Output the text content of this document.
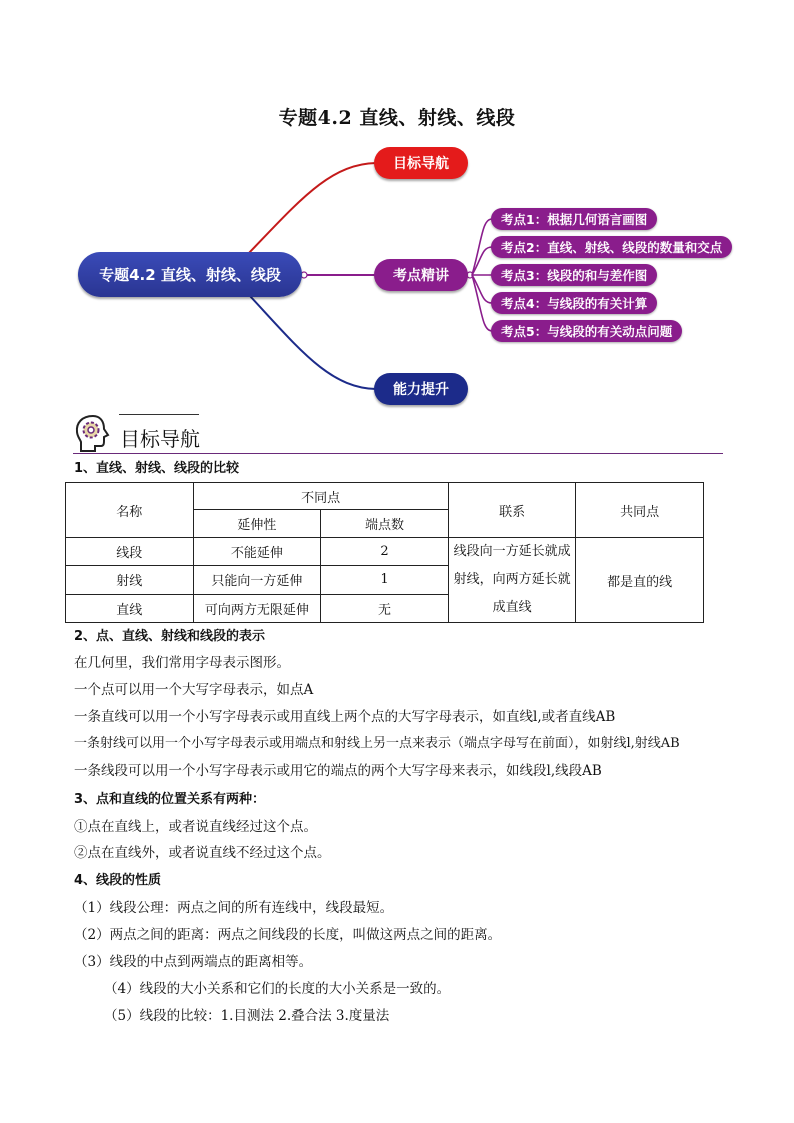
专题4.2 直线、射线、线段
专题4.2 直线、射线、线段
目标导航
考点精讲
能力提升
考点1：根据几何语言画图
考点2：直线、射线、线段的数量和交点
考点3：线段的和与差作图
考点4：与线段的有关计算
考点5：与线段的有关动点问题
目标导航
1、直线、射线、线段的比较
名称	不同点		联系	共同点
	延伸性	端点数		
线段	不能延伸	2	线段向一方延长就成射线，向两方延长就成直线	都是直的线
射线	只能向一方延伸	1		
直线	可向两方无限延伸	无		
2、点、直线、射线和线段的表示
在几何里，我们常用字母表示图形。
一个点可以用一个大写字母表示，如点A
一条直线可以用一个小写字母表示或用直线上两个点的大写字母表示，如直线l,或者直线AB
一条射线可以用一个小写字母表示或用端点和射线上另一点来表示（端点字母写在前面），如射线l,射线AB
一条线段可以用一个小写字母表示或用它的端点的两个大写字母来表示，如线段l,线段AB
3、点和直线的位置关系有两种：
①点在直线上，或者说直线经过这个点。
②点在直线外，或者说直线不经过这个点。
4、线段的性质
（1）线段公理：两点之间的所有连线中，线段最短。
（2）两点之间的距离：两点之间线段的长度，叫做这两点之间的距离。
（3）线段的中点到两端点的距离相等。
（4）线段的大小关系和它们的长度的大小关系是一致的。
（5）线段的比较：1.目测法 2.叠合法 3.度量法
